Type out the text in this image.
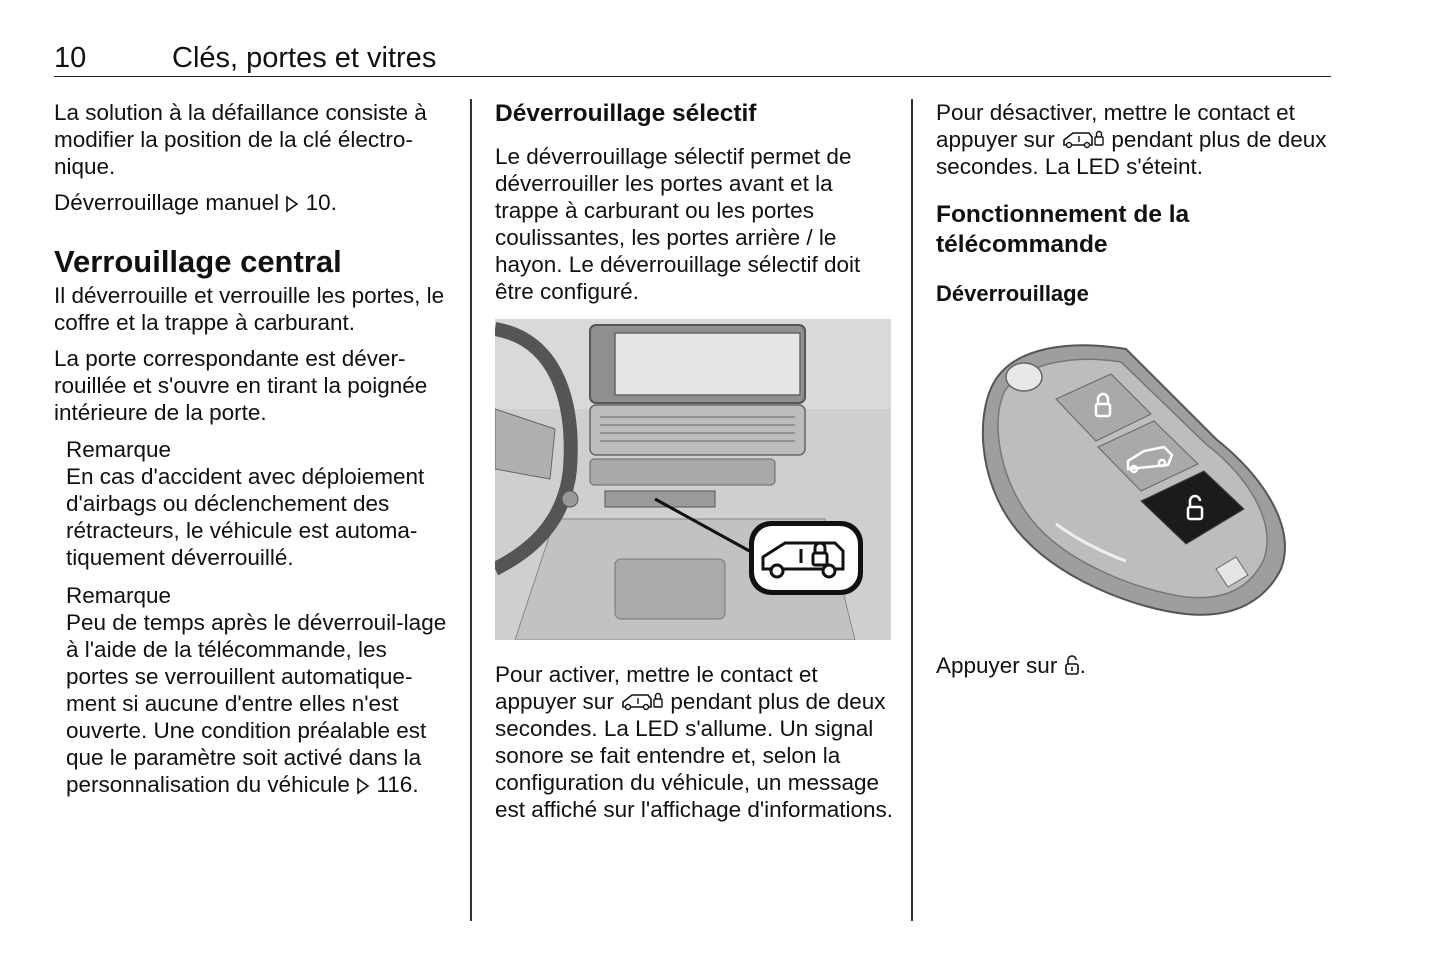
10	Clés, portes et vitres

La solution à la défaillance consiste à modifier la position de la clé électro-nique.

Déverrouillage manuel  10.

Verrouillage central

Il déverrouille et verrouille les portes, le coffre et la trappe à carburant.

La porte correspondante est déver-rouillée et s'ouvre en tirant la poignée intérieure de la porte.

Remarque

En cas d'accident avec déploiement d'airbags ou déclenchement des rétracteurs, le véhicule est automa-tiquement déverrouillé.

Remarque

Peu de temps après le déverrouil-lage à l'aide de la télécommande, les portes se verrouillent automatique-ment si aucune d'entre elles n'est ouverte. Une condition préalable est que le paramètre soit activé dans la personnalisation du véhicule  116.

Déverrouillage sélectif

Le déverrouillage sélectif permet de déverrouiller les portes avant et la trappe à carburant ou les portes coulissantes, les portes arrière / le hayon. Le déverrouillage sélectif doit être configuré.

Pour activer, mettre le contact et appuyer sur  pendant plus de deux secondes. La LED s'allume. Un signal sonore se fait entendre et, selon la configuration du véhicule, un message est affiché sur l'affichage d'informations.

Pour désactiver, mettre le contact et appuyer sur  pendant plus de deux secondes. La LED s'éteint.

Fonctionnement de la télécommande
Déverrouillage

Appuyer sur .
